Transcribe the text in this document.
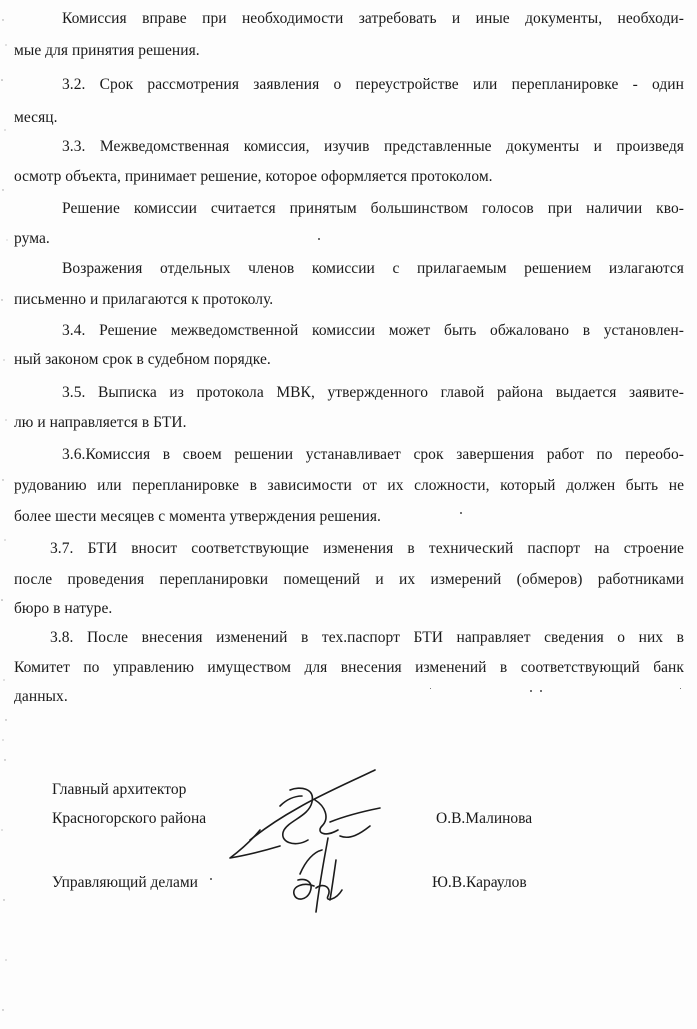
Комиссия вправе при необходимости затребовать и иные документы, необходи-
мые для принятия решения.
3.2. Срок рассмотрения заявления о переустройстве или перепланировке - один
месяц.
3.3. Межведомственная комиссия, изучив представленные документы и произведя
осмотр объекта, принимает решение, которое оформляется протоколом.
Решение комиссии считается принятым большинством голосов при наличии кво-
рума.
Возражения отдельных членов комиссии с прилагаемым решением излагаются
письменно и прилагаются к протоколу.
3.4. Решение межведомственной комиссии может быть обжаловано в установлен-
ный законом срок в судебном порядке.
3.5. Выписка из протокола МВК, утвержденного главой района выдается заявите-
лю и направляется в БТИ.
3.6.Комиссия в своем решении устанавливает срок завершения работ по переобо-
рудованию или перепланировке в зависимости от их сложности, который должен быть не
более шести месяцев с момента утверждения решения.
3.7. БТИ вносит соответствующие изменения в технический паспорт на строение
после проведения перепланировки помещений и их измерений (обмеров) работниками
бюро в натуре.
3.8. После внесения изменений в тех.паспорт БТИ направляет сведения о них в
Комитет по управлению имуществом для внесения изменений в соответствующий банк
данных.
Главный архитектор
Красногорского района	О.В.Малинова
Управляющий делами	Ю.В.Караулов
